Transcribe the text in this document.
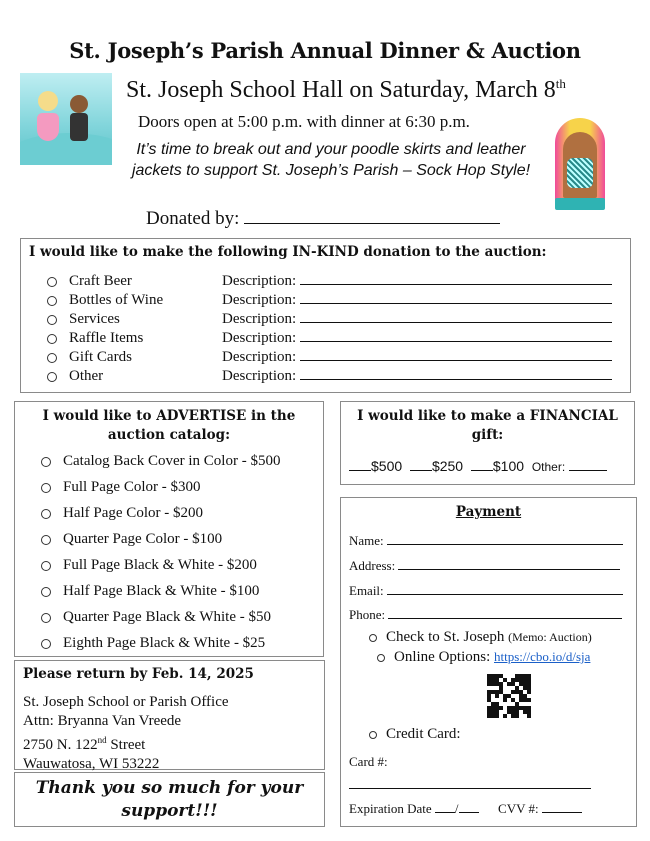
St. Joseph’s Parish Annual Dinner & Auction
St. Joseph School Hall on Saturday, March 8th
Doors open at 5:00 p.m. with dinner at 6:30 p.m.
It’s time to break out and your poodle skirts and leather jackets to support St. Joseph’s Parish – Sock Hop Style!
Donated by:
I would like to make the following IN-KIND donation to the auction:
Craft Beer	Description:
Bottles of Wine	Description:
Services	Description:
Raffle Items	Description:
Gift Cards	Description:
Other	Description:
I would like to ADVERTISE in the
auction catalog:
Catalog Back Cover in Color - $500
Full Page Color - $300
Half Page Color - $200
Quarter Page Color - $100
Full Page Black & White - $200
Half Page Black & White - $100
Quarter Page Black & White - $50
Eighth Page Black & White - $25
Please return by Feb. 14, 2025
St. Joseph School or Parish Office
Attn: Bryanna Van Vreede
2750 N. 122nd Street
Wauwatosa, WI 53222
Thank you so much for your
support!!!
I would like to make a FINANCIAL
gift:
$500 $250 $100 Other:
Payment
Name:
Address:
Email:
Phone:
Check to St. Joseph (Memo: Auction)
Online Options: https://cbo.io/d/sja
Credit Card:
Card #:
Expiration Date /	CVV #:
